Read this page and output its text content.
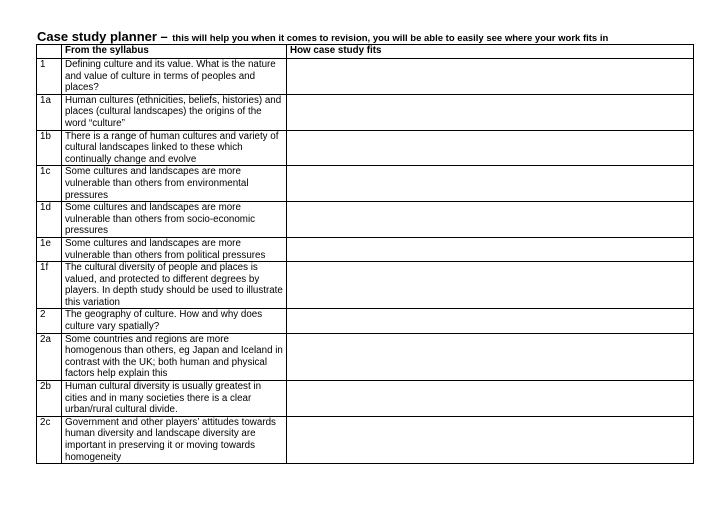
Case study planner – this will help you when it comes to revision, you will be able to easily see where your work fits in
	From the syllabus	How case study fits
1	Defining culture and its value. What is the nature and value of culture in terms of peoples and places?	
1a	Human cultures (ethnicities, beliefs, histories) and places (cultural landscapes) the origins of the word “culture”	
1b	There is a range of human cultures and variety of cultural landscapes linked to these which continually change and evolve	
1c	Some cultures and landscapes are more vulnerable than others from environmental pressures	
1d	Some cultures and landscapes are more vulnerable than others from socio-economic pressures	
1e	Some cultures and landscapes are more vulnerable than others from political pressures	
1f	The cultural diversity of people and places is valued, and protected to different degrees by players. In depth study should be used to illustrate this variation	
2	The geography of culture. How and why does culture vary spatially?	
2a	Some countries and regions are more homogenous than others, eg Japan and Iceland in contrast with the UK; both human and physical factors help explain this	
2b	Human cultural diversity is usually greatest in cities and in many societies there is a clear urban/rural cultural divide.	
2c	Government and other players’ attitudes towards human diversity and landscape diversity are important in preserving it or moving towards homogeneity	
